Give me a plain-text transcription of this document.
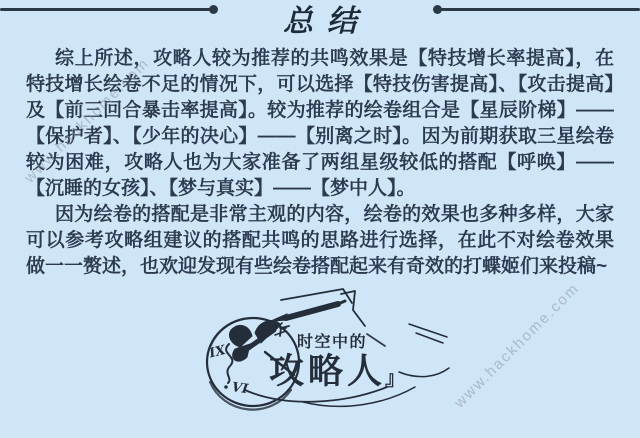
总结

综上所述，攻略人较为推荐的共鸣效果是【特技增长率提高】，在特技增长绘卷不足的情况下，可以选择【特技伤害提高】、【攻击提高】及【前三回合暴击率提高】。较为推荐的绘卷组合是【星辰阶梯】——【保护者】、【少年的决心】——【别离之时】。因为前期获取三星绘卷较为困难，攻略人也为大家准备了两组星级较低的搭配【呼唤】——【沉睡的女孩】、【梦与真实】——【梦中人】。

因为绘卷的搭配是非常主观的内容，绘卷的效果也多种多样，大家可以参考攻略组建议的搭配共鸣的思路进行选择，在此不对绘卷效果做一一赘述，也欢迎发现有些绘卷搭配起来有奇效的打蝶姬们来投稿~

www.hackhome.com
www.hackhome.com
IX
VI
时空中的
攻略人
』
